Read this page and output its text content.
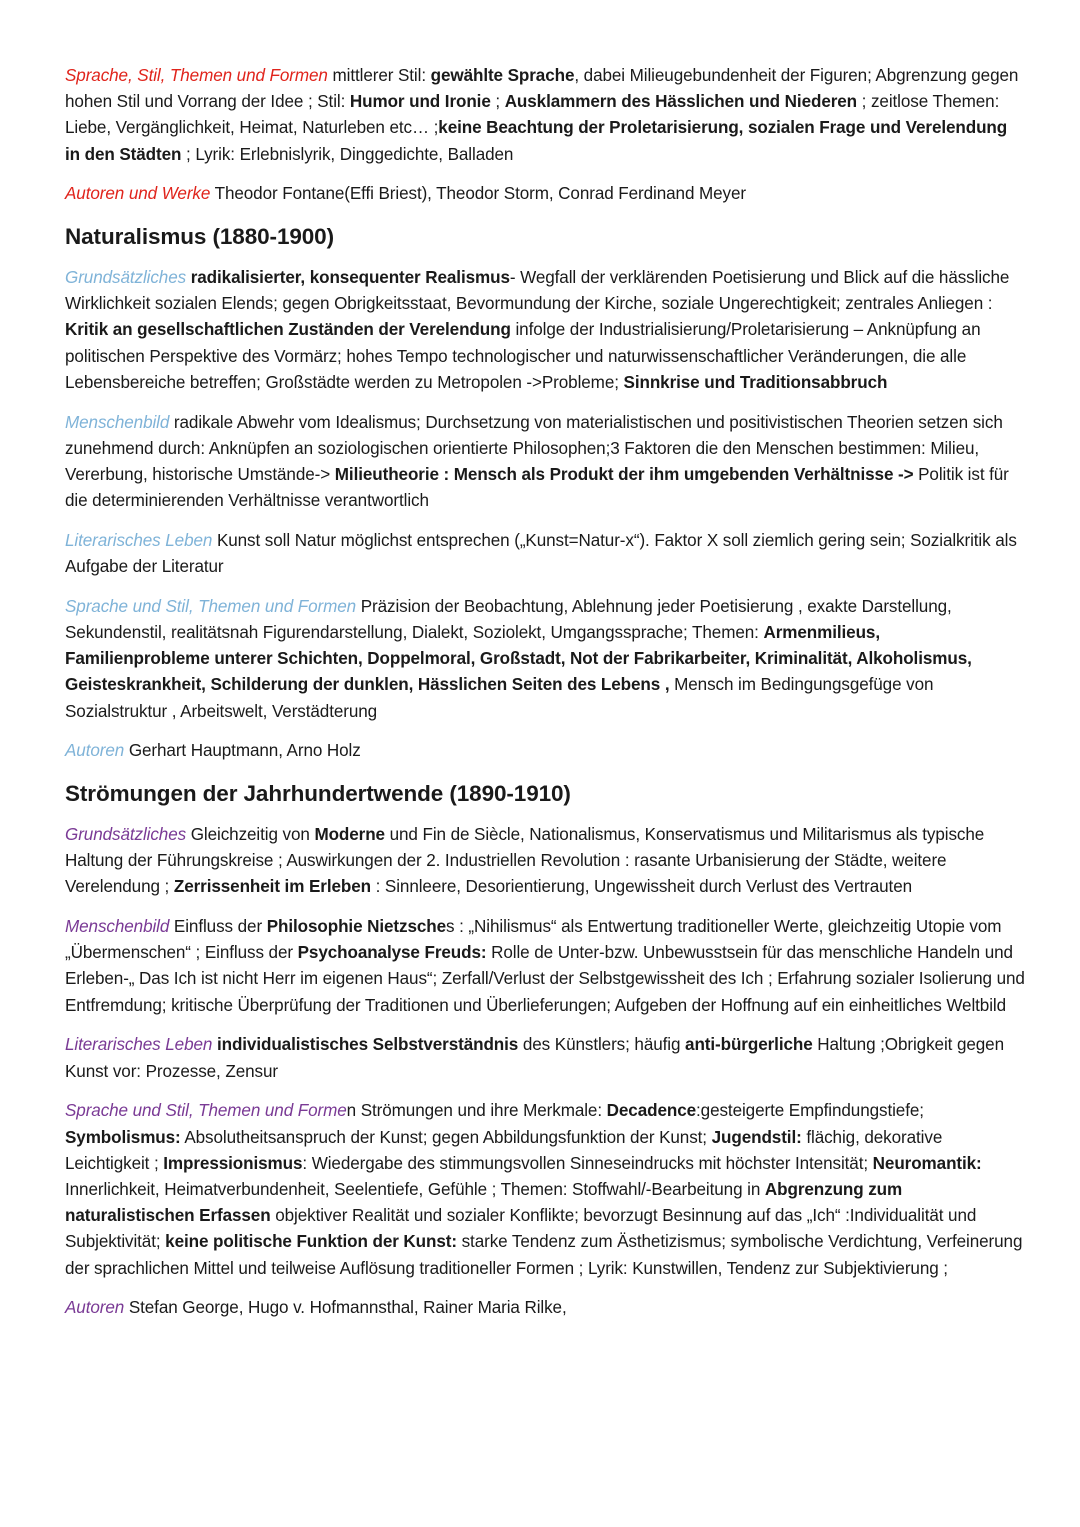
Sprache, Stil, Themen und Formen mittlerer Stil: gewählte Sprache, dabei Milieugebundenheit der Figuren; Abgrenzung gegen hohen Stil und Vorrang der Idee ; Stil: Humor und Ironie ; Ausklammern des Hässlichen und Niederen ; zeitlose Themen: Liebe, Vergänglichkeit, Heimat, Naturleben etc… ;keine Beachtung der Proletarisierung, sozialen Frage und Verelendung in den Städten ; Lyrik: Erlebnislyrik, Dinggedichte, Balladen

Autoren und Werke Theodor Fontane(Effi Briest), Theodor Storm, Conrad Ferdinand Meyer

Naturalismus (1880-1900)

Grundsätzliches radikalisierter, konsequenter Realismus- Wegfall der verklärenden Poetisierung und Blick auf die hässliche Wirklichkeit sozialen Elends; gegen Obrigkeitsstaat, Bevormundung der Kirche, soziale Ungerechtigkeit; zentrales Anliegen : Kritik an gesellschaftlichen Zuständen der Verelendung infolge der Industrialisierung/Proletarisierung – Anknüpfung an politischen Perspektive des Vormärz; hohes Tempo technologischer und naturwissenschaftlicher Veränderungen, die alle Lebensbereiche betreffen; Großstädte werden zu Metropolen ->Probleme; Sinnkrise und Traditionsabbruch

Menschenbild radikale Abwehr vom Idealismus; Durchsetzung von materialistischen und positivistischen Theorien setzen sich zunehmend durch: Anknüpfen an soziologischen orientierte Philosophen;3 Faktoren die den Menschen bestimmen: Milieu, Vererbung, historische Umstände-> Milieutheorie : Mensch als Produkt der ihm umgebenden Verhältnisse -> Politik ist für die determinierenden Verhältnisse verantwortlich

Literarisches Leben Kunst soll Natur möglichst entsprechen („Kunst=Natur-x“). Faktor X soll ziemlich gering sein; Sozialkritik als Aufgabe der Literatur

Sprache und Stil, Themen und Formen Präzision der Beobachtung, Ablehnung jeder Poetisierung , exakte Darstellung, Sekundenstil, realitätsnah Figurendarstellung, Dialekt, Soziolekt, Umgangssprache; Themen: Armenmilieus, Familienprobleme unterer Schichten, Doppelmoral, Großstadt, Not der Fabrikarbeiter, Kriminalität, Alkoholismus, Geisteskrankheit, Schilderung der dunklen, Hässlichen Seiten des Lebens , Mensch im Bedingungsgefüge von Sozialstruktur , Arbeitswelt, Verstädterung

Autoren Gerhart Hauptmann, Arno Holz

Strömungen der Jahrhundertwende (1890-1910)

Grundsätzliches Gleichzeitig von Moderne und Fin de Siècle, Nationalismus, Konservatismus und Militarismus als typische Haltung der Führungskreise ; Auswirkungen der 2. Industriellen Revolution : rasante Urbanisierung der Städte, weitere Verelendung ; Zerrissenheit im Erleben : Sinnleere, Desorientierung, Ungewissheit durch Verlust des Vertrauten

Menschenbild Einfluss der Philosophie Nietzsches : „Nihilismus“ als Entwertung traditioneller Werte, gleichzeitig Utopie vom „Übermenschen“ ; Einfluss der Psychoanalyse Freuds: Rolle de Unter-bzw. Unbewusstsein für das menschliche Handeln und Erleben-„ Das Ich ist nicht Herr im eigenen Haus“; Zerfall/Verlust der Selbstgewissheit des Ich ; Erfahrung sozialer Isolierung und Entfremdung; kritische Überprüfung der Traditionen und Überlieferungen; Aufgeben der Hoffnung auf ein einheitliches Weltbild

Literarisches Leben individualistisches Selbstverständnis des Künstlers; häufig anti-bürgerliche Haltung ;Obrigkeit gegen Kunst vor: Prozesse, Zensur

Sprache und Stil, Themen und Formen Strömungen und ihre Merkmale: Decadence:gesteigerte Empfindungstiefe; Symbolismus: Absolutheitsanspruch der Kunst; gegen Abbildungsfunktion der Kunst; Jugendstil: flächig, dekorative Leichtigkeit ; Impressionismus: Wiedergabe des stimmungsvollen Sinneseindrucks mit höchster Intensität; Neuromantik: Innerlichkeit, Heimatverbundenheit, Seelentiefe, Gefühle ; Themen: Stoffwahl/-Bearbeitung in Abgrenzung zum naturalistischen Erfassen objektiver Realität und sozialer Konflikte; bevorzugt Besinnung auf das „Ich“ :Individualität und Subjektivität; keine politische Funktion der Kunst: starke Tendenz zum Ästhetizismus; symbolische Verdichtung, Verfeinerung der sprachlichen Mittel und teilweise Auflösung traditioneller Formen ; Lyrik: Kunstwillen, Tendenz zur Subjektivierung ;

Autoren Stefan George, Hugo v. Hofmannsthal, Rainer Maria Rilke,
